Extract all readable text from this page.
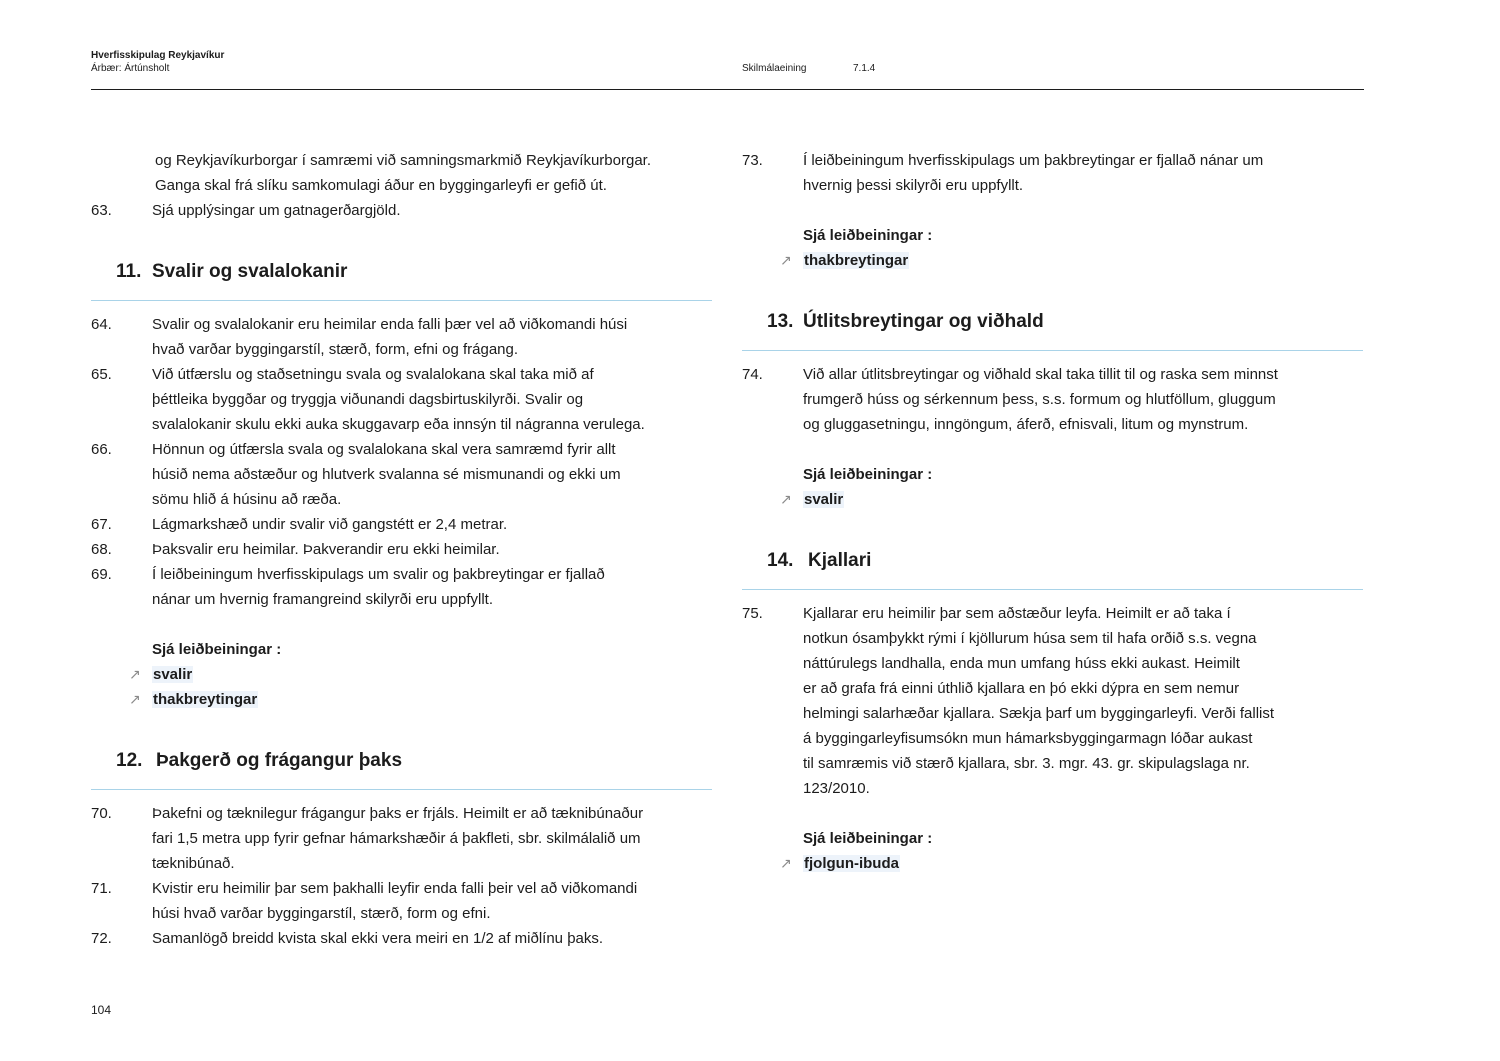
Hverfisskipulag Reykjavíkur
Árbær: Ártúnsholt	Skilmálaeining	7.1.4
og Reykjavíkurborgar í samræmi við samningsmarkmið Reykjavíkurborgar.
Ganga skal frá slíku samkomulagi áður en byggingarleyfi er gefið út.
63.	Sjá upplýsingar um gatnagerðargjöld.
11. Svalir og svalalokanir
64.	Svalir og svalalokanir eru heimilar enda falli þær vel að viðkomandi húsi
hvað varðar byggingarstíl, stærð, form, efni og frágang.
65.	Við útfærslu og staðsetningu svala og svalalokana skal taka mið af
þéttleika byggðar og tryggja viðunandi dagsbirtuskilyrði. Svalir og
svalalokanir skulu ekki auka skuggavarp eða innsýn til nágranna verulega.
66.	Hönnun og útfærsla svala og svalalokana skal vera samræmd fyrir allt
húsið nema aðstæður og hlutverk svalanna sé mismunandi og ekki um
sömu hlið á húsinu að ræða.
67.	Lágmarkshæð undir svalir við gangstétt er 2,4 metrar.
68.	Þaksvalir eru heimilar. Þakverandir eru ekki heimilar.
69.	Í leiðbeiningum hverfisskipulags um svalir og þakbreytingar er fjallað
nánar um hvernig framangreind skilyrði eru uppfyllt.
Sjá leiðbeiningar :
↗ svalir
↗ thakbreytingar
12. Þakgerð og frágangur þaks
70.	Þakefni og tæknilegur frágangur þaks er frjáls. Heimilt er að tæknibúnaður
fari 1,5 metra upp fyrir gefnar hámarkshæðir á þakfleti, sbr. skilmálalið um
tæknibúnað.
71.	Kvistir eru heimilir þar sem þakhalli leyfir enda falli þeir vel að viðkomandi
húsi hvað varðar byggingarstíl, stærð, form og efni.
72.	Samanlögð breidd kvista skal ekki vera meiri en 1/2 af miðlínu þaks.
73.	Í leiðbeiningum hverfisskipulags um þakbreytingar er fjallað nánar um
hvernig þessi skilyrði eru uppfyllt.
Sjá leiðbeiningar :
↗ thakbreytingar
13. Útlitsbreytingar og viðhald
74.	Við allar útlitsbreytingar og viðhald skal taka tillit til og raska sem minnst
frumgerð húss og sérkennum þess, s.s. formum og hlutföllum, gluggum
og gluggasetningu, inngöngum, áferð, efnisvali, litum og mynstrum.
Sjá leiðbeiningar :
↗ svalir
14. Kjallari
75.	Kjallarar eru heimilir þar sem aðstæður leyfa. Heimilt er að taka í
notkun ósamþykkt rými í kjöllurum húsa sem til hafa orðið s.s. vegna
náttúrulegs landhalla, enda mun umfang húss ekki aukast. Heimilt
er að grafa frá einni úthlið kjallara en þó ekki dýpra en sem nemur
helmingi salarhæðar kjallara. Sækja þarf um byggingarleyfi. Verði fallist
á byggingarleyfisumsókn mun hámarksbyggingarmagn lóðar aukast
til samræmis við stærð kjallara, sbr. 3. mgr. 43. gr. skipulagslaga nr.
123/2010.
Sjá leiðbeiningar :
↗ fjolgun-ibuda
104
